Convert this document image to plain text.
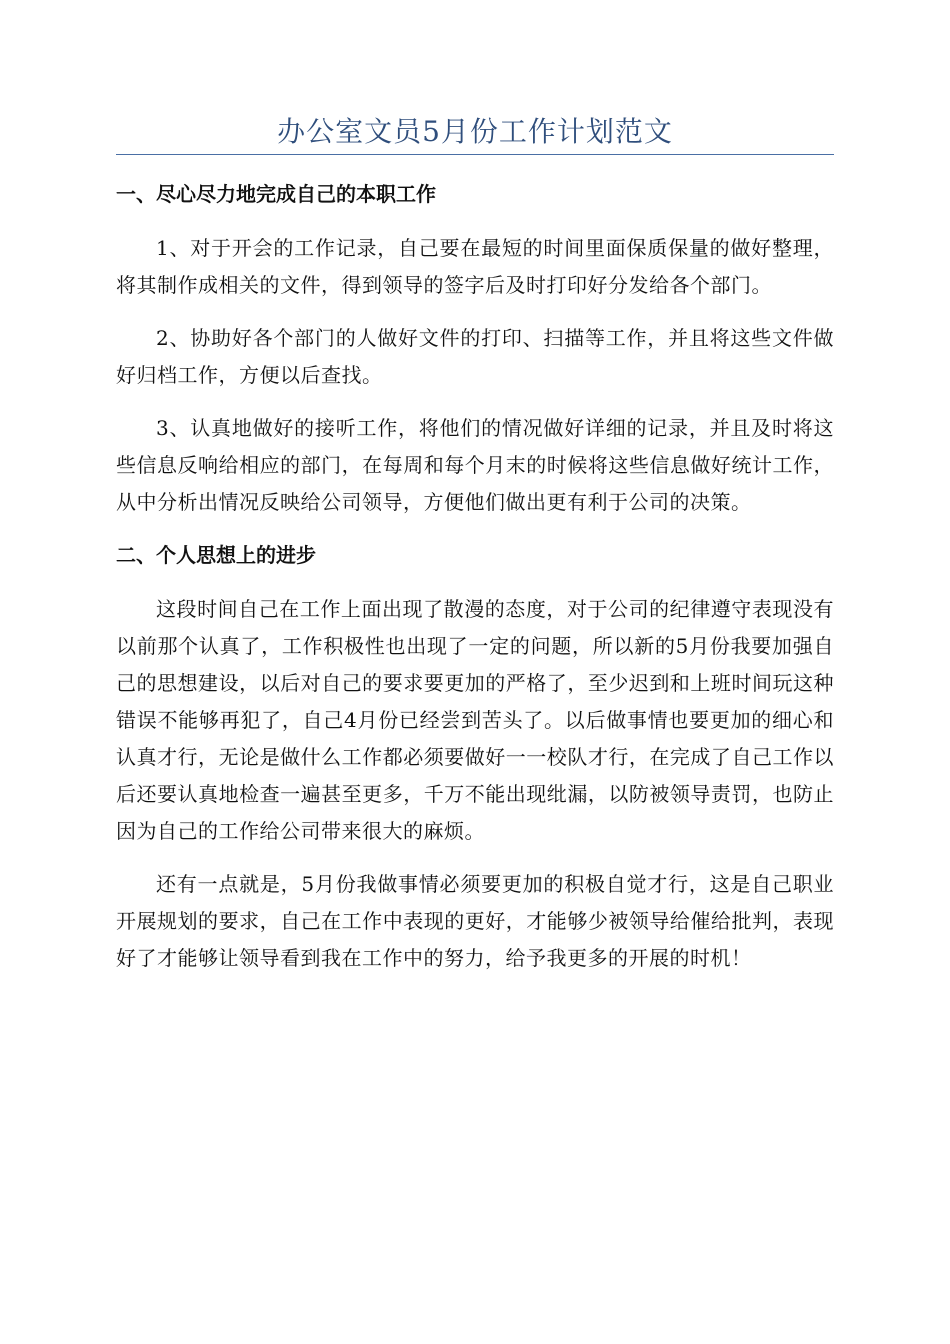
办公室文员5月份工作计划范文
一、尽心尽力地完成自己的本职工作

1、对于开会的工作记录，自己要在最短的时间里面保质保量的做好整理，将其制作成相关的文件，得到领导的签字后及时打印好分发给各个部门。

2、协助好各个部门的人做好文件的打印、扫描等工作，并且将这些文件做好归档工作，方便以后查找。

3、认真地做好的接听工作，将他们的情况做好详细的记录，并且及时将这些信息反响给相应的部门，在每周和每个月末的时候将这些信息做好统计工作，从中分析出情况反映给公司领导，方便他们做出更有利于公司的决策。

二、个人思想上的进步

这段时间自己在工作上面出现了散漫的态度，对于公司的纪律遵守表现没有以前那个认真了，工作积极性也出现了一定的问题，所以新的5月份我要加强自己的思想建设，以后对自己的要求要更加的严格了，至少迟到和上班时间玩这种错误不能够再犯了，自己4月份已经尝到苦头了。以后做事情也要更加的细心和认真才行，无论是做什么工作都必须要做好一一校队才行，在完成了自己工作以后还要认真地检查一遍甚至更多，千万不能出现纰漏，以防被领导责罚，也防止因为自己的工作给公司带来很大的麻烦。

还有一点就是，5月份我做事情必须要更加的积极自觉才行，这是自己职业开展规划的要求，自己在工作中表现的更好，才能够少被领导给催给批判，表现好了才能够让领导看到我在工作中的努力，给予我更多的开展的时机！
